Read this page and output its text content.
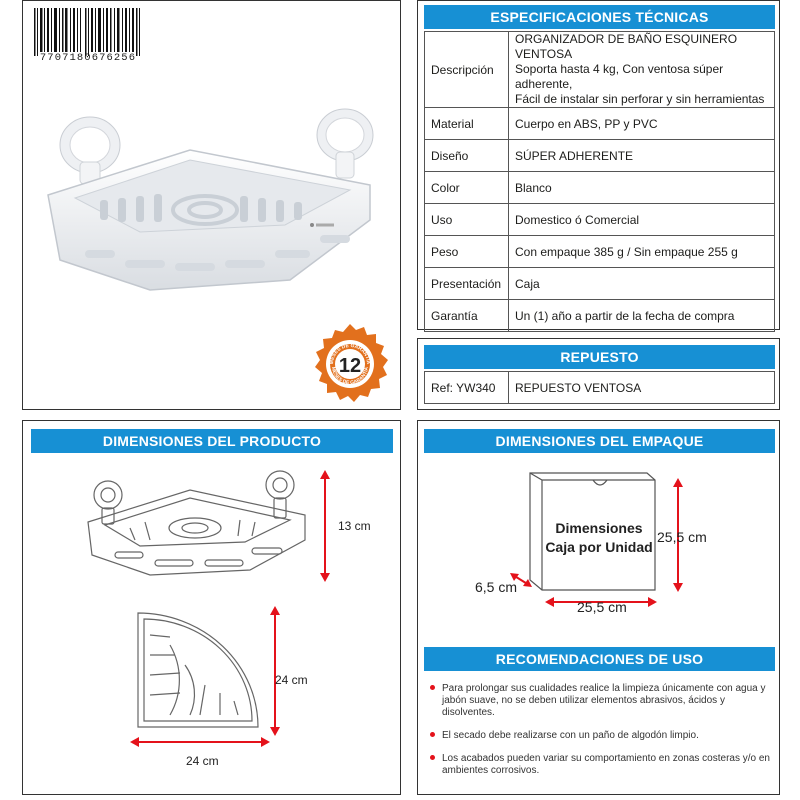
7707180676256
12
MESES DE GARANTÍA
MESES DE GARANTÍA
ESPECIFICACIONES TÉCNICAS
Descripción	ORGANIZADOR DE BAÑO ESQUINERO VENTOSA
Soporta hasta 4 kg, Con ventosa súper adherente,
Fácil de instalar sin perforar y sin herramientas

Material	Cuerpo en ABS, PP y PVC
Diseño	SÚPER ADHERENTE
Color	Blanco
Uso	Domestico ó Comercial
Peso	Con empaque 385 g / Sin empaque 255 g
Presentación	Caja
Garantía	Un (1) año a partir de la fecha de compra
REPUESTO
Ref: YW340	REPUESTO VENTOSA
DIMENSIONES DEL PRODUCTO
13 cm
24 cm
24 cm
DIMENSIONES DEL EMPAQUE
RECOMENDACIONES DE USO
Para prolongar sus cualidades realice la limpieza únicamente con agua y jabón suave, no se deben utilizar elementos abrasivos, ácidos y disolventes.
El secado debe realizarse con un paño de algodón limpio.
Los acabados pueden variar su comportamiento en zonas costeras y/o en ambientes corrosivos.
Dimensiones
Caja por Unidad
25,5 cm
25,5 cm
6,5 cm
